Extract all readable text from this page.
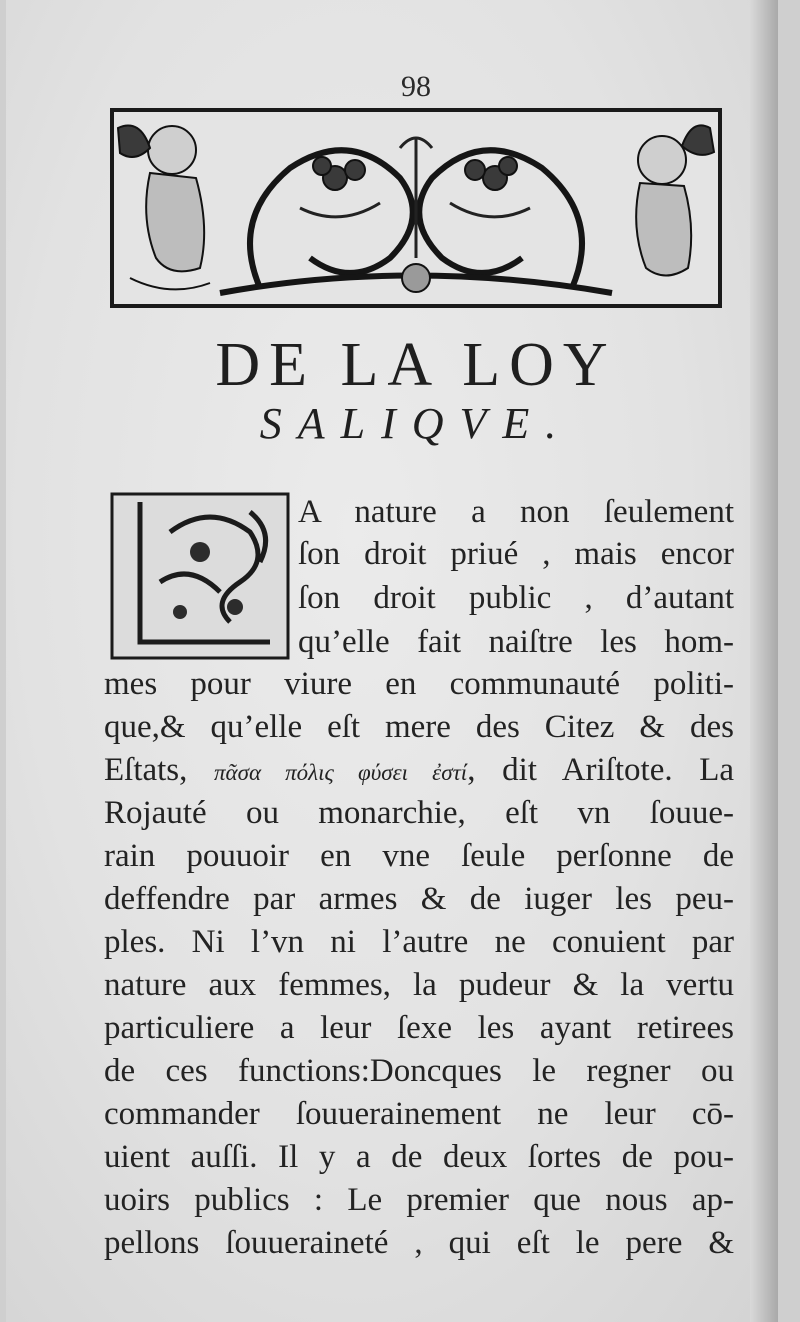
98
DE LA LOY
SALIQVE.
A nature a non ſeulement
ſon droit priué , mais encor
ſon droit public , d’autant
qu’elle fait naiſtre les hom-
mes pour viure en communauté politi-
que,& qu’elle eſt mere des Citez & des
Eſtats, πᾶσα πόλις φύσει ἐστί, dit Ariſtote. La
Rojauté ou monarchie, eſt vn ſouue-
rain pouuoir en vne ſeule perſonne de
deffendre par armes & de iuger les peu-
ples. Ni l’vn ni l’autre ne conuient par
nature aux femmes, la pudeur & la vertu
particuliere a leur ſexe les ayant retirees
de ces functions:Doncques le regner ou
commander ſouuerainement ne leur cō-
uient auſſi. Il y a de deux ſortes de pou-
uoirs publics : Le premier que nous ap-
pellons ſouueraineté , qui eſt le pere &
